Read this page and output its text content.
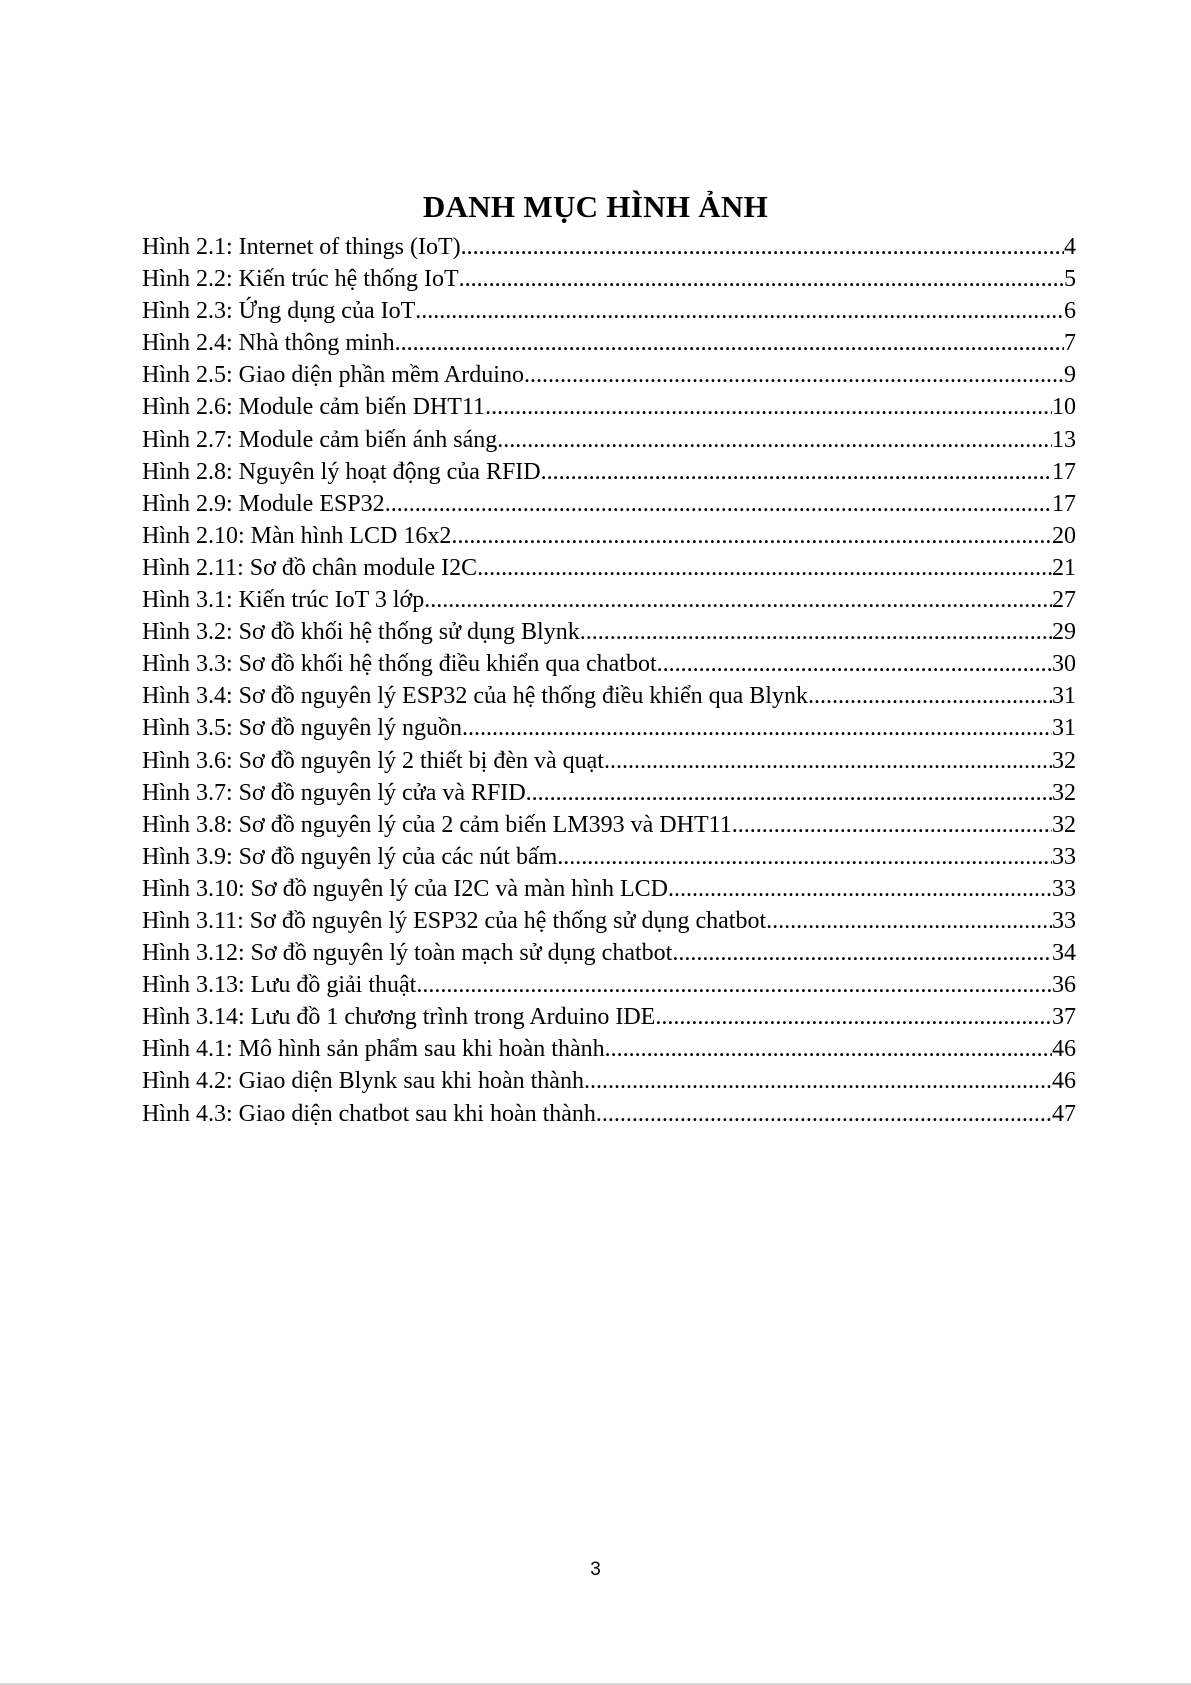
DANH MỤC HÌNH ẢNH
Hình 2.1: Internet of things (IoT) .....	4
Hình 2.2: Kiến trúc hệ thống IoT .....	5
Hình 2.3: Ứng dụng của IoT .....	6
Hình 2.4: Nhà thông minh .....	7
Hình 2.5: Giao diện phần mềm Arduino .....	9
Hình 2.6: Module cảm biến DHT11 .....	10
Hình 2.7: Module cảm biến ánh sáng .....	13
Hình 2.8: Nguyên lý hoạt động của RFID .....	17
Hình 2.9: Module ESP32 .....	17
Hình 2.10: Màn hình LCD 16x2 .....	20
Hình 2.11: Sơ đồ chân module I2C .....	21
Hình 3.1: Kiến trúc IoT 3 lớp .....	27
Hình 3.2: Sơ đồ khối hệ thống sử dụng Blynk .....	29
Hình 3.3: Sơ đồ khối hệ thống điều khiển qua chatbot .....	30
Hình 3.4: Sơ đồ nguyên lý ESP32 của hệ thống điều khiển qua Blynk .....	31
Hình 3.5: Sơ đồ nguyên lý nguồn .....	31
Hình 3.6: Sơ đồ nguyên lý 2 thiết bị đèn và quạt .....	32
Hình 3.7: Sơ đồ nguyên lý cửa và RFID .....	32
Hình 3.8: Sơ đồ nguyên lý của 2 cảm biến LM393 và DHT11 .....	32
Hình 3.9: Sơ đồ nguyên lý của các nút bấm .....	33
Hình 3.10: Sơ đồ nguyên lý của I2C và màn hình LCD .....	33
Hình 3.11: Sơ đồ nguyên lý ESP32 của hệ thống sử dụng chatbot .....	33
Hình 3.12: Sơ đồ nguyên lý toàn mạch sử dụng chatbot .....	34
Hình 3.13: Lưu đồ giải thuật .....	36
Hình 3.14: Lưu đồ 1 chương trình trong Arduino IDE .....	37
Hình 4.1: Mô hình sản phẩm sau khi hoàn thành .....	46
Hình 4.2: Giao diện Blynk sau khi hoàn thành .....	46
Hình 4.3: Giao diện chatbot sau khi hoàn thành .....	47
3
